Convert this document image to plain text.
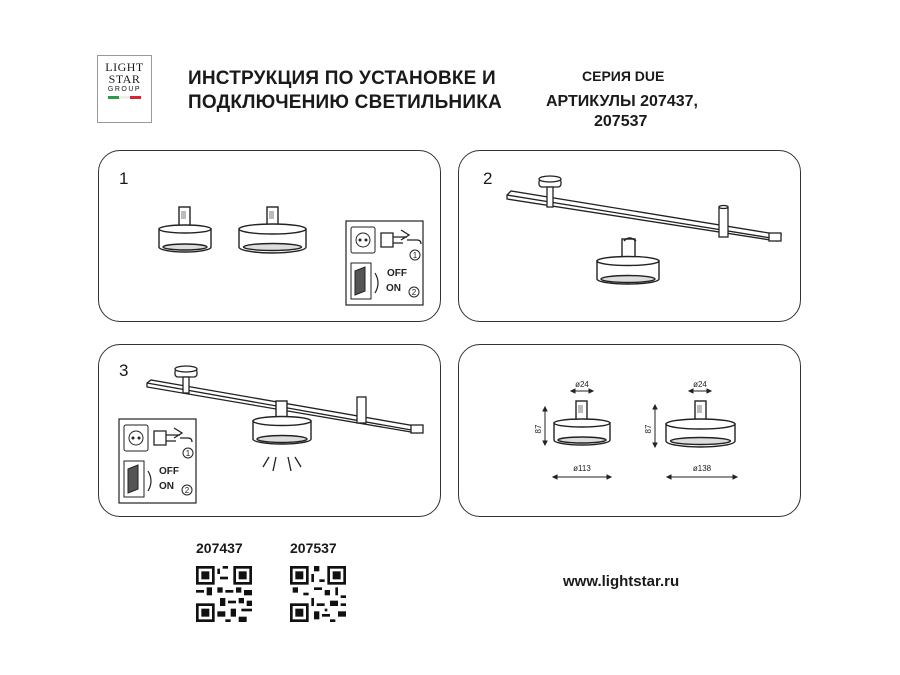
LIGHT
STAR
GROUP
ИНСТРУКЦИЯ ПО УСТАНОВКЕ И
ПОДКЛЮЧЕНИЮ СВЕТИЛЬНИКА
СЕРИЯ DUE
АРТИКУЛЫ 207437,
207537
1
1
OFF
ON 2
2
3
1
OFF
ON 2
ø24
87
ø113
ø24
87
ø138
207437	207537
www.lightstar.ru
